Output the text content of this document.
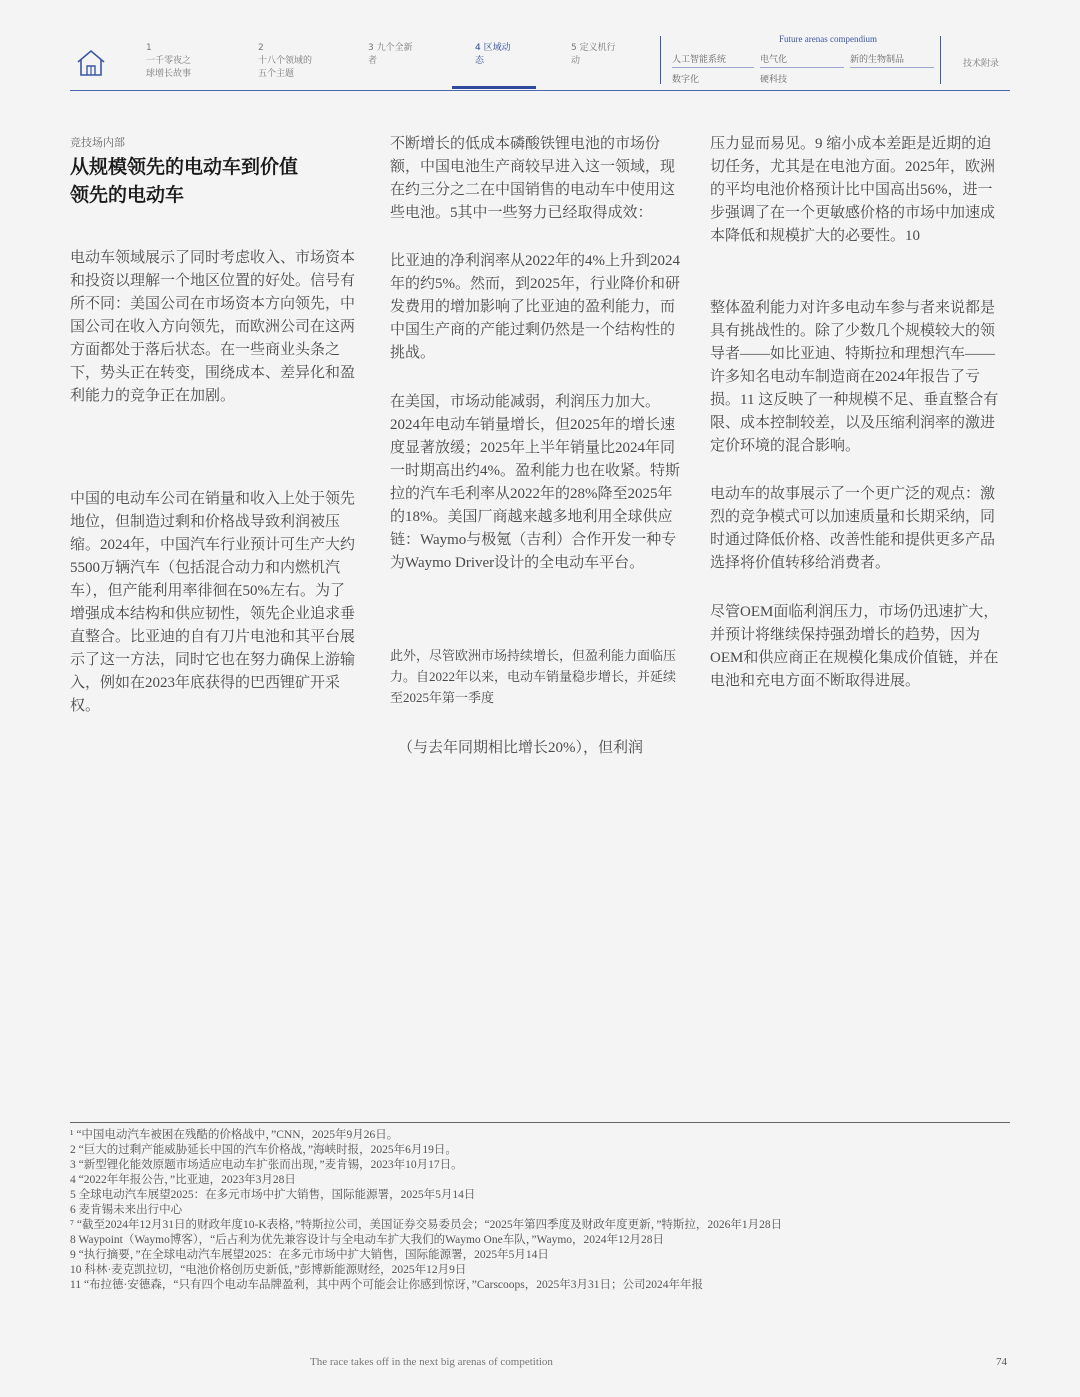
1
一千零夜之
球增长故事
2
十八个领域的
五个主题
3 九个全新
者
4 区域动
态
5 定义机行
动
Future arenas compendium
人工智能系统	电气化	新的生物制品
数字化	硬科技
技术附录
竞技场内部
从规模领先的电动车到价值
领先的电动车

电动车领域展示了同时考虑收入、市场资本和投资以理解一个地区位置的好处。信号有所不同：美国公司在市场资本方向领先，中国公司在收入方向领先，而欧洲公司在这两方面都处于落后状态。在一些商业头条之下，势头正在转变，围绕成本、差异化和盈利能力的竞争正在加剧。

中国的电动车公司在销量和收入上处于领先地位，但制造过剩和价格战导致利润被压缩。2024年，中国汽车行业预计可生产大约5500万辆汽车（包括混合动力和内燃机汽车），但产能利用率徘徊在50%左右。为了增强成本结构和供应韧性，领先企业追求垂直整合。比亚迪的自有刀片电池和其平台展示了这一方法，同时它也在努力确保上游输入，例如在2023年底获得的巴西锂矿开采权。

不断增长的低成本磷酸铁锂电池的市场份额，中国电池生产商较早进入这一领域，现在约三分之二在中国销售的电动车中使用这些电池。5其中一些努力已经取得成效：

比亚迪的净利润率从2022年的4%上升到2024年的约5%。然而，到2025年，行业降价和研发费用的增加影响了比亚迪的盈利能力，而中国生产商的产能过剩仍然是一个结构性的挑战。

在美国，市场动能减弱，利润压力加大。2024年电动车销量增长，但2025年的增长速度显著放缓；2025年上半年销量比2024年同一时期高出约4%。盈利能力也在收紧。特斯拉的汽车毛利率从2022年的28%降至2025年的18%。美国厂商越来越多地利用全球供应链：Waymo与极氪（吉利）合作开发一种专为Waymo Driver设计的全电动车平台。

此外，尽管欧洲市场持续增长，但盈利能力面临压力。自2022年以来，电动车销量稳步增长，并延续至2025年第一季度

（与去年同期相比增长20%），但利润

压力显而易见。9 缩小成本差距是近期的迫切任务，尤其是在电池方面。2025年，欧洲的平均电池价格预计比中国高出56%，进一步强调了在一个更敏感价格的市场中加速成本降低和规模扩大的必要性。10

整体盈利能力对许多电动车参与者来说都是具有挑战性的。除了少数几个规模较大的领导者——如比亚迪、特斯拉和理想汽车——许多知名电动车制造商在2024年报告了亏损。11 这反映了一种规模不足、垂直整合有限、成本控制较差，以及压缩利润率的激进定价环境的混合影响。

电动车的故事展示了一个更广泛的观点：激烈的竞争模式可以加速质量和长期采纳，同时通过降低价格、改善性能和提供更多产品选择将价值转移给消费者。

尽管OEM面临利润压力，市场仍迅速扩大，并预计将继续保持强劲增长的趋势，因为OEM和供应商正在规模化集成价值链，并在电池和充电方面不断取得进展。

¹ “中国电动汽车被困在残酷的价格战中，”CNN，2025年9月26日。
2 “巨大的过剩产能威胁延长中国的汽车价格战，”海峡时报，2025年6月19日。
3 “新型锂化能效原题市场适应电动车扩张而出现，”麦肯锡，2023年10月17日。
4 “2022年年报公告，”比亚迪，2023年3月28日
5 全球电动汽车展望2025：在多元市场中扩大销售，国际能源署，2025年5月14日
6 麦肯锡未来出行中心
⁷ “截至2024年12月31日的财政年度10-K表格，”特斯拉公司，美国证券交易委员会；“2025年第四季度及财政年度更新，”特斯拉，2026年1月28日
8 Waypoint（Waymo博客），“后占利为优先兼容设计与全电动车扩大我们的Waymo One车队，”Waymo，2024年12月28日
9 “执行摘要，”在全球电动汽车展望2025：在多元市场中扩大销售，国际能源署，2025年5月14日
10 科林·麦克凯拉切，“电池价格创历史新低，”彭博新能源财经，2025年12月9日
11 “布拉德·安德森，“只有四个电动车品牌盈利，其中两个可能会让你感到惊讶，”Carscoops，2025年3月31日；公司2024年年报
The race takes off in the next big arenas of competition	74
